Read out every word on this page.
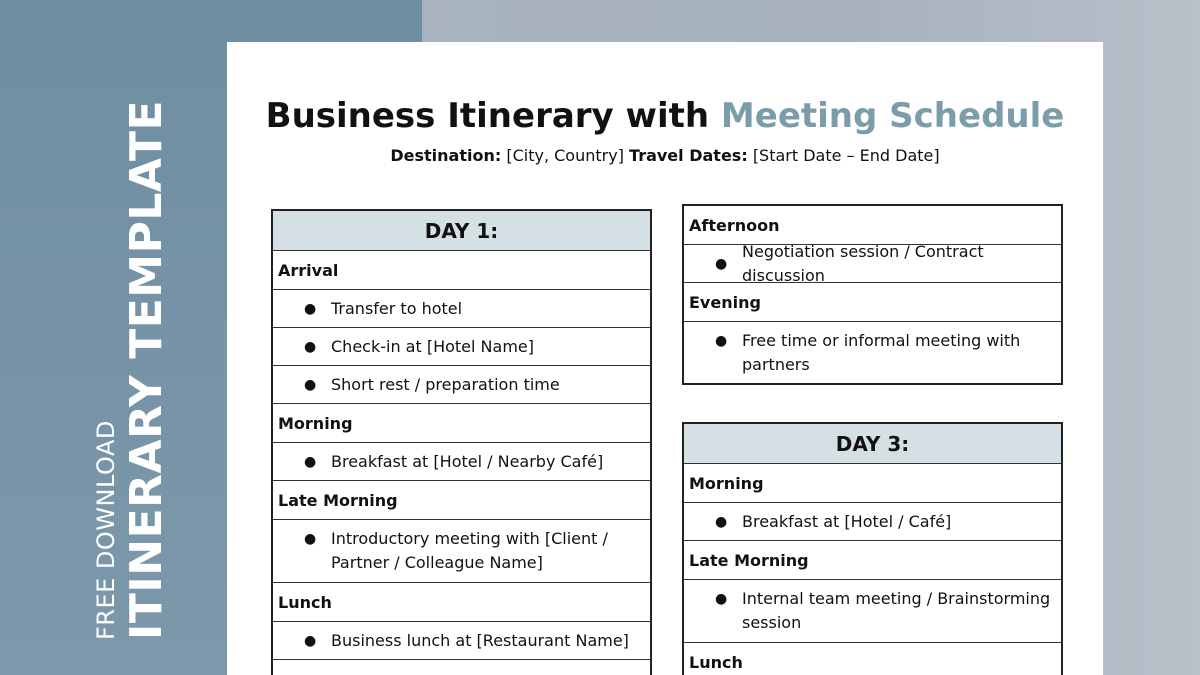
FREE DOWNLOAD ITINERARY TEMPLATE	Business Itinerary with Meeting Schedule
Destination: [City, Country] Travel Dates: [Start Date – End Date]
DAY 1:
Arrival
● Transfer to hotel
● Check-in at [Hotel Name]
● Short rest / preparation time
Morning
● Breakfast at [Hotel / Nearby Café]
Late Morning
● Introductory meeting with [Client / Partner / Colleague Name]
Lunch
● Business lunch at [Restaurant Name]
Afternoon
●
Negotiation session / Contract discussion
Evening
● Free time or informal meeting with partners
DAY 3:
Morning
● Breakfast at [Hotel / Café]
Late Morning
● Internal team meeting / Brainstorming session
Lunch
